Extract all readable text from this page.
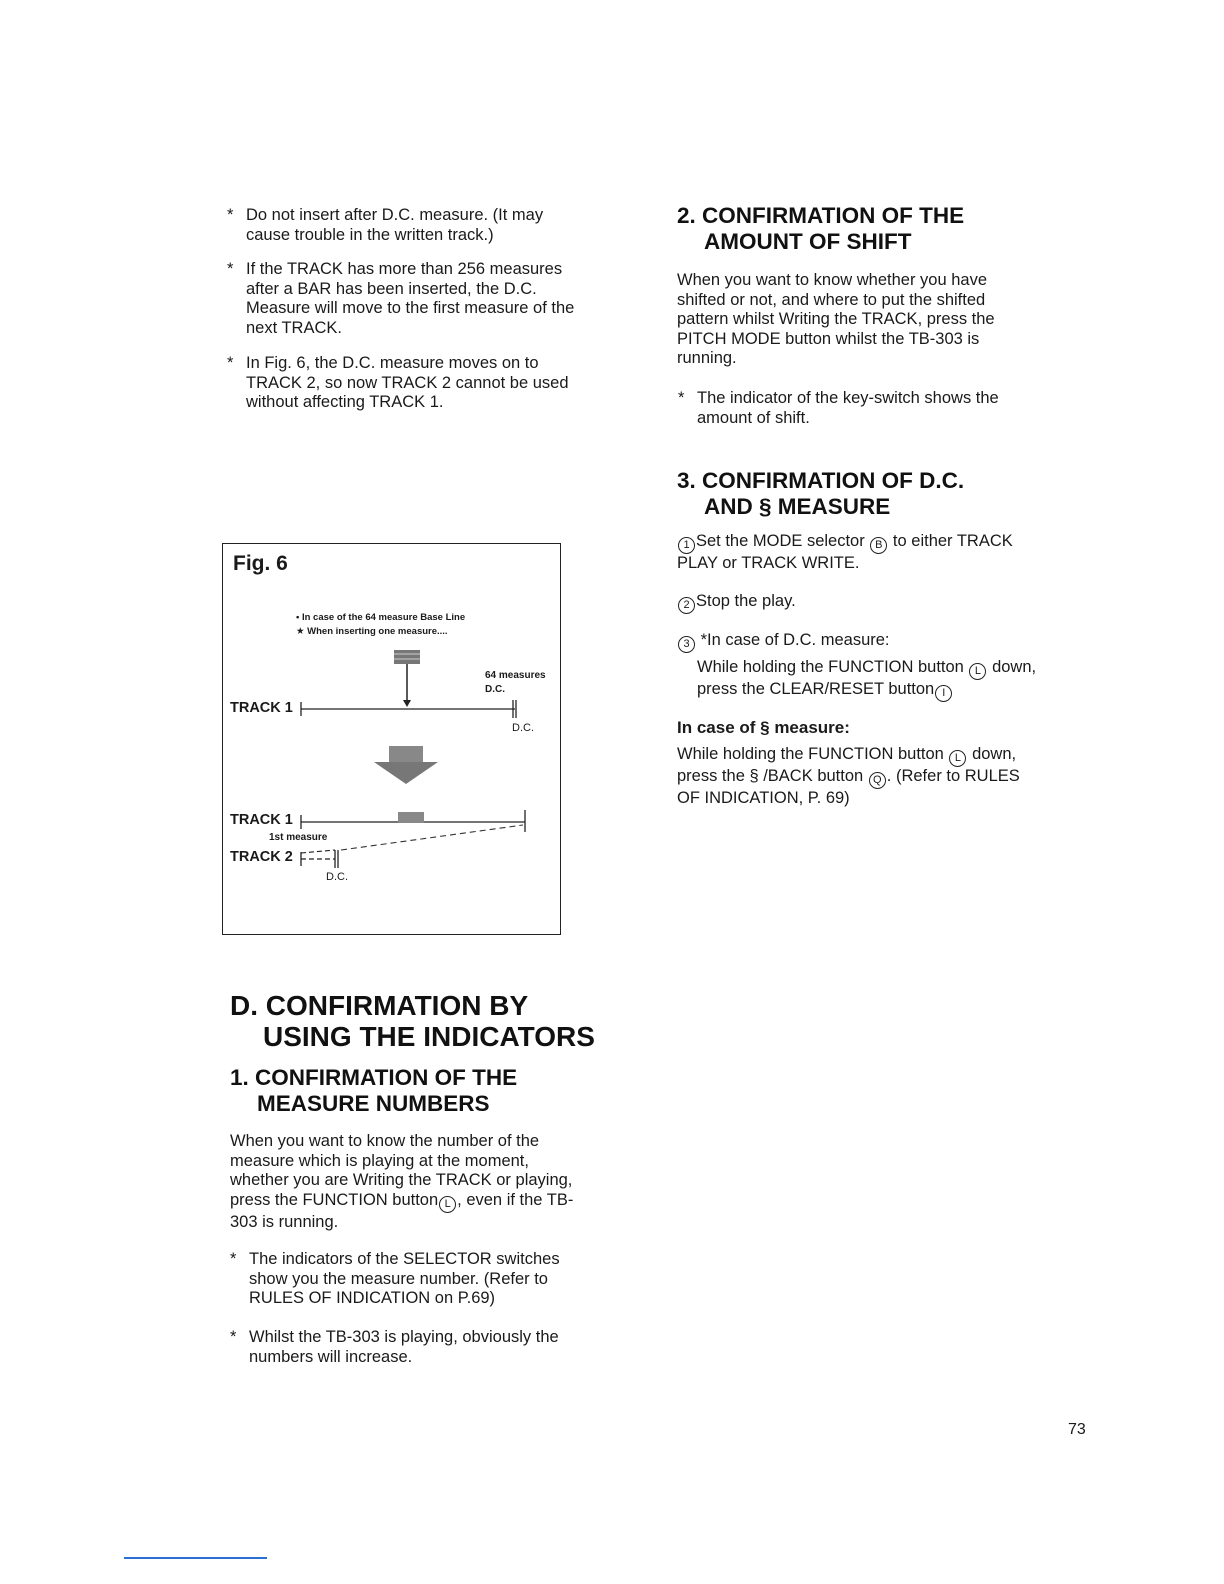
* Do not insert after D.C. measure. (It may cause trouble in the written track.)
* If the TRACK has more than 256 measures after a BAR has been inserted, the D.C. Measure will move to the first measure of the next TRACK.
* In Fig. 6, the D.C. measure moves on to TRACK 2, so now TRACK 2 cannot be used without affecting TRACK 1.
Fig. 6
• In case of the 64 measure Base Line
★ When inserting one measure....
64 measures
D.C.
TRACK 1
D.C.
TRACK 1
1st measure
TRACK 2
D.C.
D. CONFIRMATION BY
USING THE INDICATORS
1. CONFIRMATION OF THE
MEASURE NUMBERS
When you want to know the number of the measure which is playing at the moment, whether you are Writing the TRACK or playing, press the FUNCTION button L , even if the TB-303 is running.
* The indicators of the SELECTOR switches show you the measure number. (Refer to RULES OF INDICATION on P.69)
* Whilst the TB-303 is playing, obviously the numbers will increase.
2. CONFIRMATION OF THE
AMOUNT OF SHIFT
When you want to know whether you have shifted or not, and where to put the shifted pattern whilst Writing the TRACK, press the PITCH MODE button whilst the TB-303 is running.
* The indicator of the key-switch shows the amount of shift.
3. CONFIRMATION OF D.C.
AND § MEASURE
1 Set the MODE selector B to either TRACK PLAY or TRACK WRITE.
2 Stop the play.
3 *In case of D.C. measure:
While holding the FUNCTION button L down, press the CLEAR/RESET button I
In case of § measure:
While holding the FUNCTION button L down, press the § /BACK button Q . (Refer to RULES OF INDICATION, P. 69)
73
